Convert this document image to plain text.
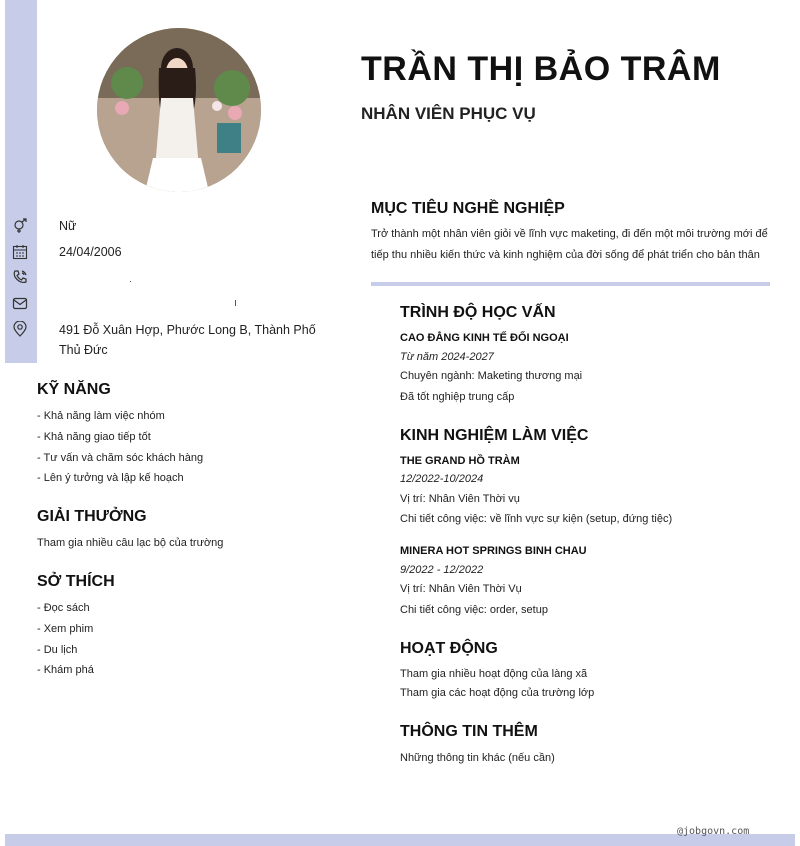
TRẦN THỊ BẢO TRÂM
NHÂN VIÊN PHỤC VỤ
Nữ
24/04/2006
491 Đỗ Xuân Hợp, Phước Long B, Thành Phố Thủ Đức
KỸ NĂNG
- Khả năng làm việc nhóm
- Khả năng giao tiếp tốt
- Tư vấn và chăm sóc khách hàng
- Lên ý tưởng và lập kế hoạch
GIẢI THƯỞNG
Tham gia nhiều câu lạc bộ của trường
SỞ THÍCH
- Đọc sách
- Xem phim
- Du lịch
- Khám phá
MỤC TIÊU NGHỀ NGHIỆP
Trở thành một nhân viên giỏi về lĩnh vực maketing, đi đến một môi trường mới để
tiếp thu nhiều kiến thức và kinh nghiệm của đời sống để phát triển cho bản thân
TRÌNH ĐỘ HỌC VẤN
CAO ĐẲNG KINH TẾ ĐỐI NGOẠI
Từ năm 2024-2027
Chuyên ngành: Maketing thương mại
Đã tốt nghiệp trung cấp
KINH NGHIỆM LÀM VIỆC
THE GRAND HỒ TRÀM
12/2022-10/2024
Vị trí: Nhân Viên Thời vụ
Chi tiết công việc: về lĩnh vực sự kiện (setup, đứng tiệc)
MINERA HOT SPRINGS BINH CHAU
9/2022 - 12/2022
Vị trí: Nhân Viên Thời Vụ
Chi tiết công việc: order, setup
HOẠT ĐỘNG
Tham gia nhiều hoạt động của làng xã
Tham gia các hoạt động của trường lớp
THÔNG TIN THÊM
Những thông tin khác (nếu cần)
@jobgovn.com
